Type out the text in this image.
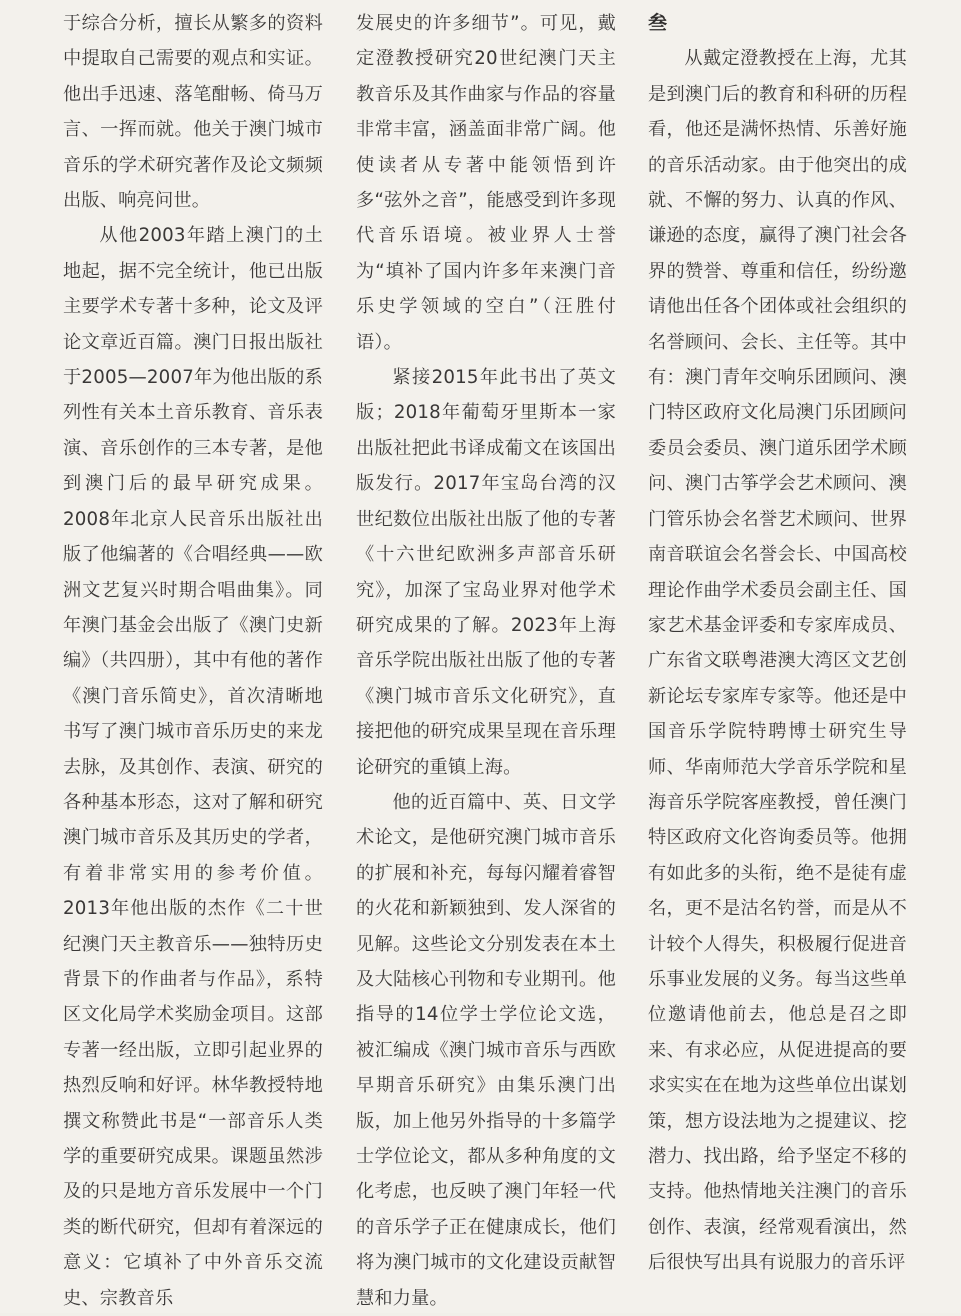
于综合分析，擅长从繁多的资料中提取自己需要的观点和实证。他出手迅速、落笔酣畅、倚马万言、一挥而就。他关于澳门城市音乐的学术研究著作及论文频频出版、响亮问世。

从他2003年踏上澳门的土地起，据不完全统计，他已出版主要学术专著十多种，论文及评论文章近百篇。澳门日报出版社于2005—2007年为他出版的系列性有关本土音乐教育、音乐表演、音乐创作的三本专著，是他到澳门后的最早研究成果。2008年北京人民音乐出版社出版了他编著的《合唱经典——欧洲文艺复兴时期合唱曲集》。同年澳门基金会出版了《澳门史新编》（共四册），其中有他的著作《澳门音乐简史》，首次清晰地书写了澳门城市音乐历史的来龙去脉，及其创作、表演、研究的各种基本形态，这对了解和研究澳门城市音乐及其历史的学者，有着非常实用的参考价值。2013年他出版的杰作《二十世纪澳门天主教音乐——独特历史背景下的作曲者与作品》，系特区文化局学术奖励金项目。这部专著一经出版，立即引起业界的热烈反响和好评。林华教授特地撰文称赞此书是“一部音乐人类学的重要研究成果。课题虽然涉及的只是地方音乐发展中一个门类的断代研究，但却有着深远的意义：它填补了中外音乐交流史、宗教音乐

发展史的许多细节”。可见，戴定澄教授研究20世纪澳门天主教音乐及其作曲家与作品的容量非常丰富，涵盖面非常广阔。他使读者从专著中能领悟到许多“弦外之音”，能感受到许多现代音乐语境。被业界人士誉为“填补了国内许多年来澳门音乐史学领域的空白”（汪胜付语）。

紧接2015年此书出了英文版；2018年葡萄牙里斯本一家出版社把此书译成葡文在该国出版发行。2017年宝岛台湾的汉世纪数位出版社出版了他的专著《十六世纪欧洲多声部音乐研究》，加深了宝岛业界对他学术研究成果的了解。2023年上海音乐学院出版社出版了他的专著《澳门城市音乐文化研究》，直接把他的研究成果呈现在音乐理论研究的重镇上海。

他的近百篇中、英、日文学术论文，是他研究澳门城市音乐的扩展和补充，每每闪耀着睿智的火花和新颖独到、发人深省的见解。这些论文分别发表在本土及大陆核心刊物和专业期刊。他指导的14位学士学位论文选，被汇编成《澳门城市音乐与西欧早期音乐研究》由集乐澳门出版，加上他另外指导的十多篇学士学位论文，都从多种角度的文化考虑，也反映了澳门年轻一代的音乐学子正在健康成长，他们将为澳门城市的文化建设贡献智慧和力量。

叁

从戴定澄教授在上海，尤其是到澳门后的教育和科研的历程看，他还是满怀热情、乐善好施的音乐活动家。由于他突出的成就、不懈的努力、认真的作风、谦逊的态度，赢得了澳门社会各界的赞誉、尊重和信任，纷纷邀请他出任各个团体或社会组织的名誉顾问、会长、主任等。其中有：澳门青年交响乐团顾问、澳门特区政府文化局澳门乐团顾问委员会委员、澳门道乐团学术顾问、澳门古筝学会艺术顾问、澳门管乐协会名誉艺术顾问、世界南音联谊会名誉会长、中国高校理论作曲学术委员会副主任、国家艺术基金评委和专家库成员、广东省文联粤港澳大湾区文艺创新论坛专家库专家等。他还是中国音乐学院特聘博士研究生导师、华南师范大学音乐学院和星海音乐学院客座教授，曾任澳门特区政府文化咨询委员等。他拥有如此多的头衔，绝不是徒有虚名，更不是沽名钓誉，而是从不计较个人得失，积极履行促进音乐事业发展的义务。每当这些单位邀请他前去，他总是召之即来、有求必应，从促进提高的要求实实在在地为这些单位出谋划策，想方设法地为之提建议、挖潜力、找出路，给予坚定不移的支持。他热情地关注澳门的音乐创作、表演，经常观看演出，然后很快写出具有说服力的音乐评
